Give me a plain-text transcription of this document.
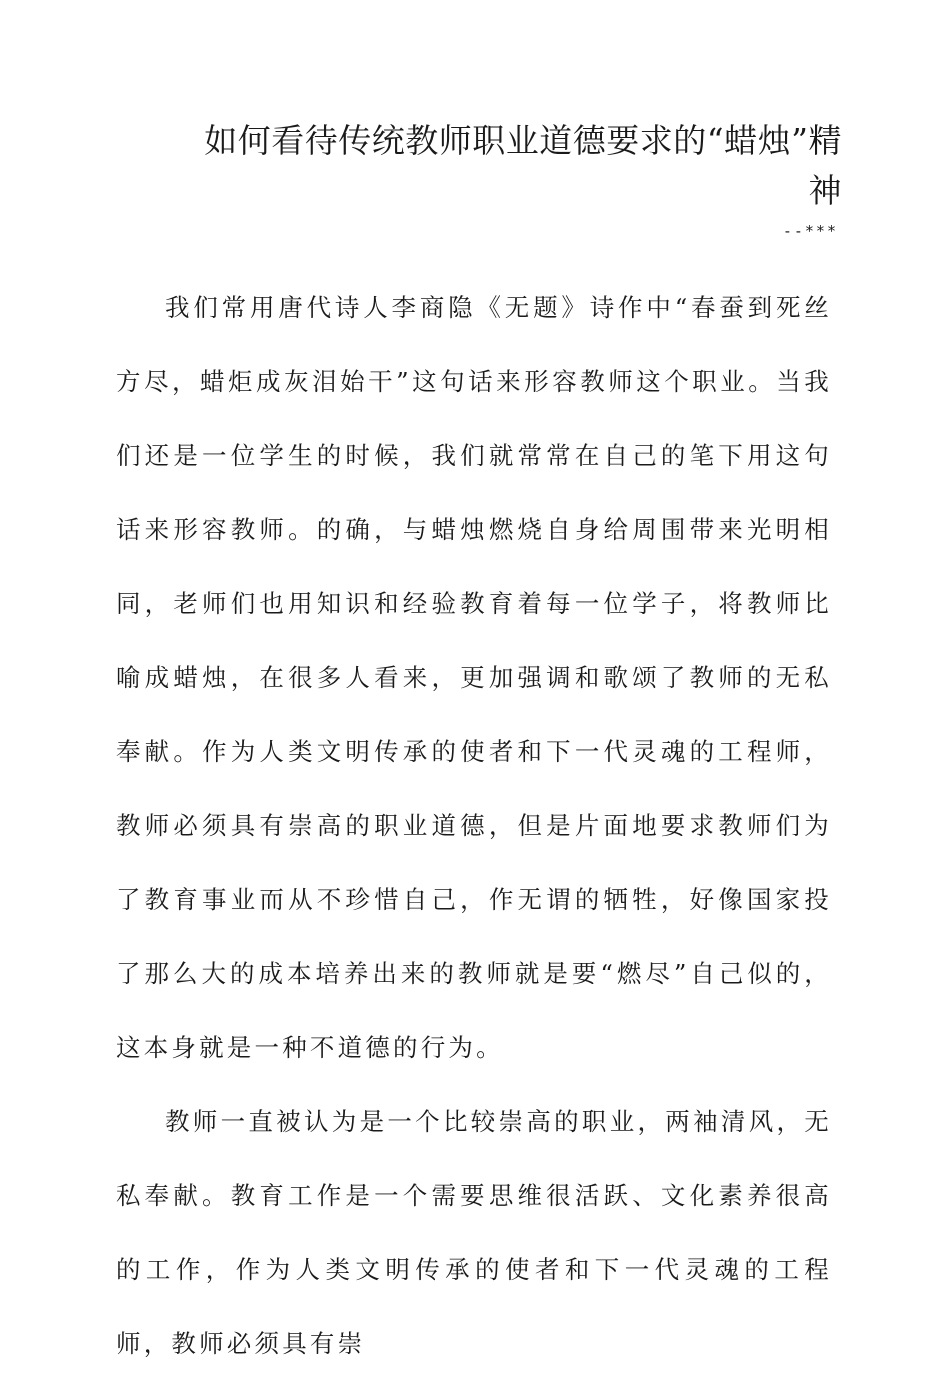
如何看待传统教师职业道德要求的“蜡烛”精
神
--***

我们常用唐代诗人李商隐《无题》诗作中“春蚕到死丝方尽，蜡炬成灰泪始干”这句话来形容教师这个职业。当我们还是一位学生的时候，我们就常常在自己的笔下用这句话来形容教师。的确，与蜡烛燃烧自身给周围带来光明相同，老师们也用知识和经验教育着每一位学子，将教师比喻成蜡烛，在很多人看来，更加强调和歌颂了教师的无私奉献。作为人类文明传承的使者和下一代灵魂的工程师，教师必须具有崇高的职业道德，但是片面地要求教师们为了教育事业而从不珍惜自己，作无谓的牺牲，好像国家投了那么大的成本培养出来的教师就是要“燃尽”自己似的，这本身就是一种不道德的行为。

教师一直被认为是一个比较崇高的职业，两袖清风，无私奉献。教育工作是一个需要思维很活跃、文化素养很高的工作，作为人类文明传承的使者和下一代灵魂的工程师，教师必须具有崇
